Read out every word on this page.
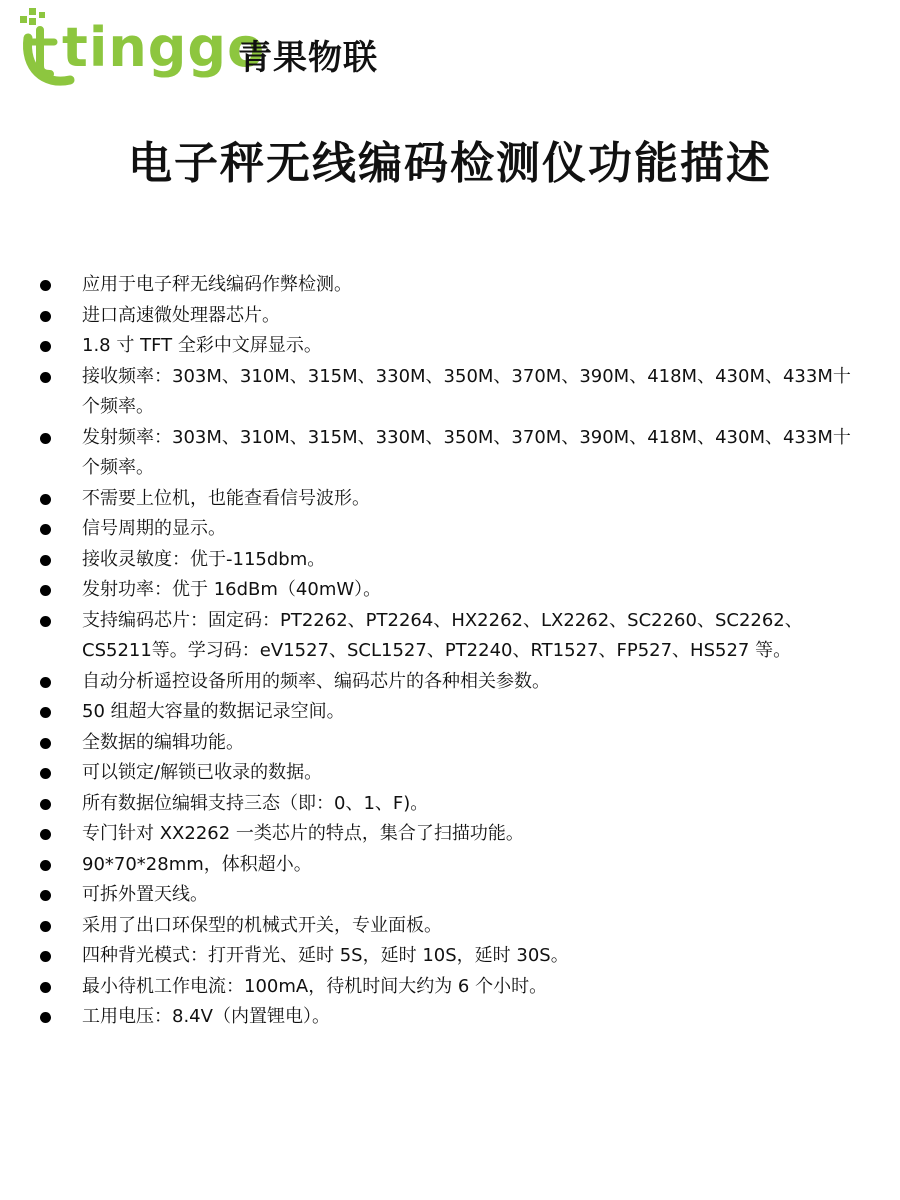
tinggo
青果物联
电子秤无线编码检测仪功能描述
应用于电子秤无线编码作弊检测。
进口高速微处理器芯片。
1.8 寸 TFT 全彩中文屏显示。
接收频率：303M、310M、315M、330M、350M、370M、390M、418M、430M、433M十个频率。
发射频率：303M、310M、315M、330M、350M、370M、390M、418M、430M、433M十个频率。
不需要上位机，也能查看信号波形。
信号周期的显示。
接收灵敏度：优于-115dbm。
发射功率：优于 16dBm（40mW）。
支持编码芯片：固定码：PT2262、PT2264、HX2262、LX2262、SC2260、SC2262、CS5211等。学习码：eV1527、SCL1527、PT2240、RT1527、FP527、HS527 等。
自动分析遥控设备所用的频率、编码芯片的各种相关参数。
50 组超大容量的数据记录空间。
全数据的编辑功能。
可以锁定/解锁已收录的数据。
所有数据位编辑支持三态（即：0、1、F)。
专门针对 XX2262 一类芯片的特点，集合了扫描功能。
90*70*28mm，体积超小。
可拆外置天线。
采用了出口环保型的机械式开关，专业面板。
四种背光模式：打开背光、延时 5S，延时 10S，延时 30S。
最小待机工作电流：100mA，待机时间大约为 6 个小时。
工用电压：8.4V（内置锂电）。
